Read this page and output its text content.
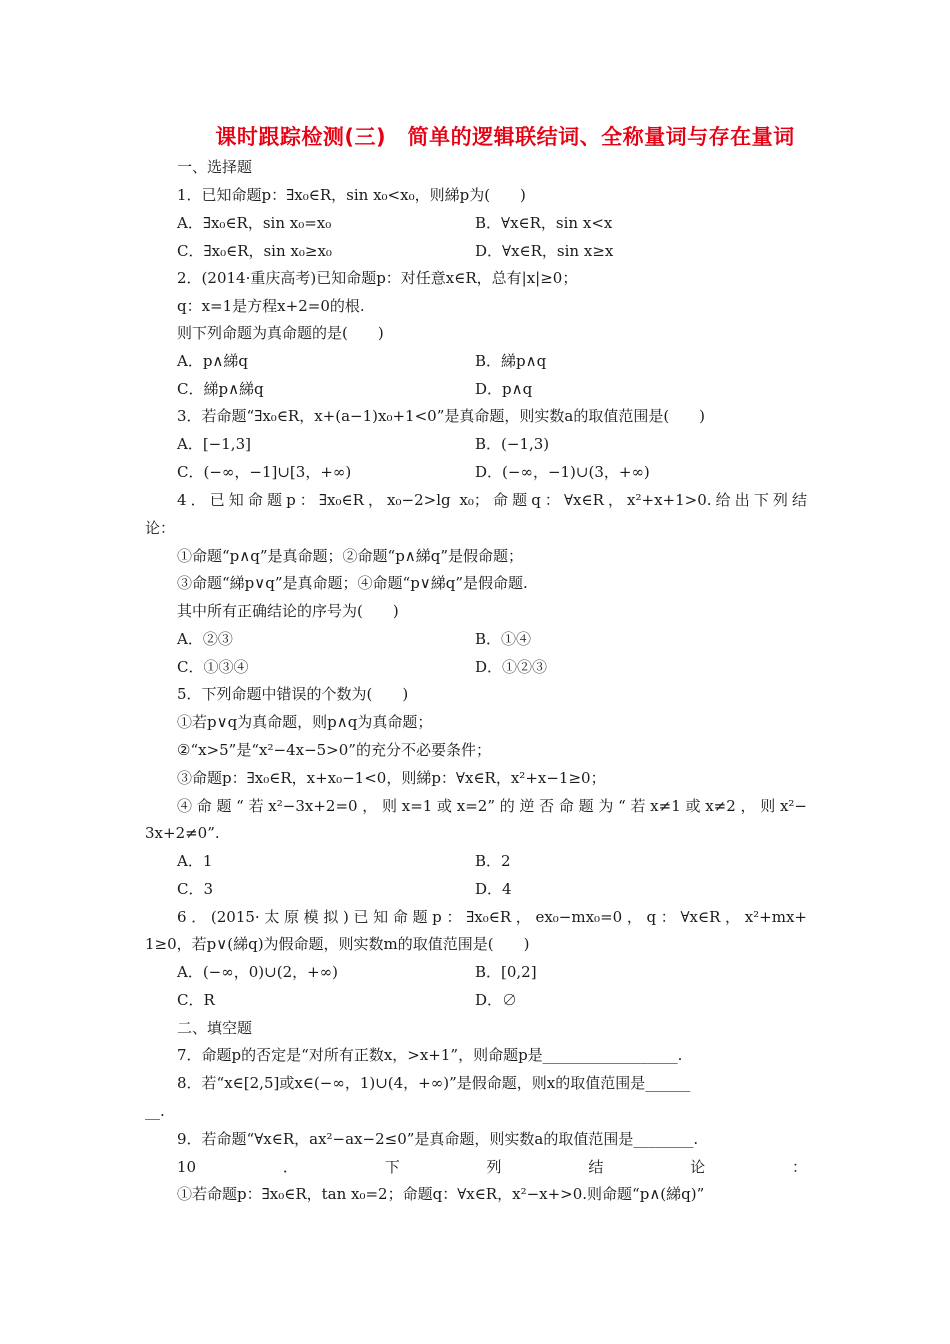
课时跟踪检测(三)　简单的逻辑联结词、全称量词与存在量词
一、选择题
1．已知命题p：∃x₀∈R，sin x₀<x₀，则綈p为(　　)
A．∃x₀∈R，sin x₀=x₀	B．∀x∈R，sin x<x
C．∃x₀∈R，sin x₀≥x₀	D．∀x∈R，sin x≥x
2．(2014·重庆高考)已知命题p：对任意x∈R，总有|x|≥0；
q：x=1是方程x+2=0的根.
则下列命题为真命题的是(　　)
A．p∧綈q	B．綈p∧q
C．綈p∧綈q	D．p∧q
3．若命题“∃x₀∈R，x+(a−1)x₀+1<0”是真命题，则实数a的取值范围是(　　)
A．[−1,3]	B．(−1,3)
C．(−∞，−1]∪[3，+∞)	D．(−∞，−1)∪(3，+∞)
4．已知命题p：∃x₀∈R，x₀−2>lg x₀；命题q：∀x∈R，x²+x+1>0.给出下列结
论：
①命题“p∧q”是真命题；②命题“p∧綈q”是假命题；
③命题“綈p∨q”是真命题；④命题“p∨綈q”是假命题.
其中所有正确结论的序号为(　　)
A．②③	B．①④
C．①③④	D．①②③
5．下列命题中错误的个数为(　　)
①若p∨q为真命题，则p∧q为真命题；
②“x>5”是“x²−4x−5>0”的充分不必要条件；
③命题p：∃x₀∈R，x+x₀−1<0，则綈p：∀x∈R，x²+x−1≥0；
④命题“若x²−3x+2=0，则x=1或x=2”的逆否命题为“若x≠1或x≠2，则x²−
3x+2≠0”.
A．1	B．2
C．3	D．4
6．(2015·太原模拟)已知命题p：∃x₀∈R，ex₀−mx₀=0，q：∀x∈R，x²+mx+
1≥0，若p∨(綈q)为假命题，则实数m的取值范围是(　　)
A．(−∞，0)∪(2，+∞)	B．[0,2]
C．R	D．∅
二、填空题
7．命题p的否定是“对所有正数x，>x+1”，则命题p是__________________.
8．若“x∈[2,5]或x∈(−∞，1)∪(4，+∞)”是假命题，则x的取值范围是______
__.
9．若命题“∀x∈R，ax²−ax−2≤0”是真命题，则实数a的取值范围是________.
10．下列结论：
①若命题p：∃x₀∈R，tan x₀=2；命题q：∀x∈R，x²−x+>0.则命题“p∧(綈q)”
